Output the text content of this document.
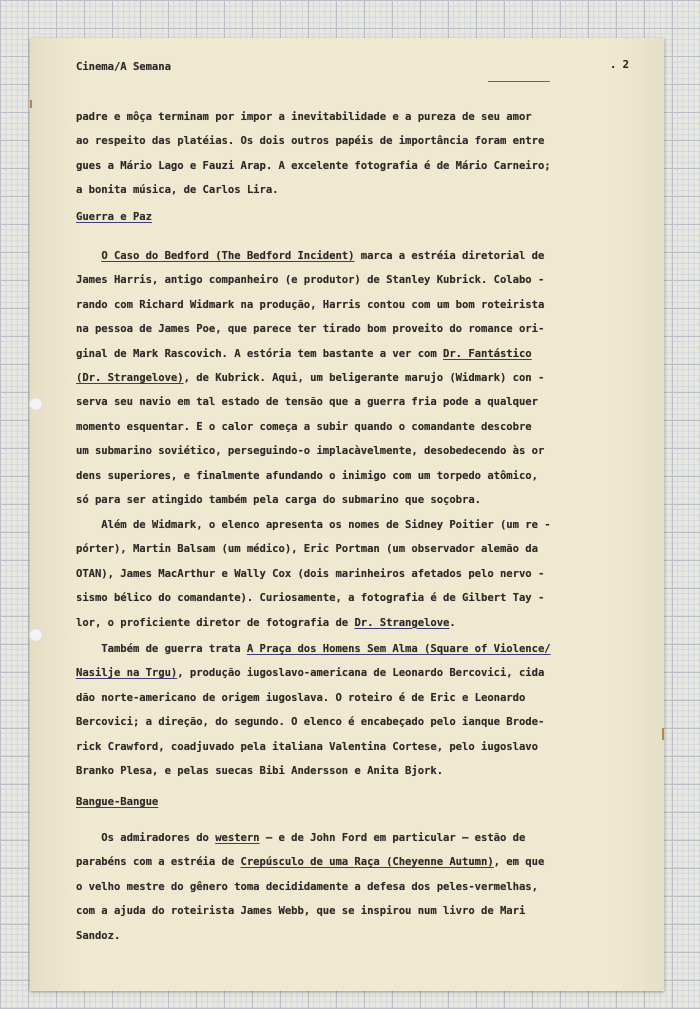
Cinema/A Semana	. 2

padre e môça terminam por impor a inevitabilidade e a pureza de seu amor

ao respeito das platéias. Os dois outros papéis de importância foram entre

gues a Mário Lago e Fauzi Arap. A excelente fotografia é de Mário Carneiro;

a bonita música, de Carlos Lira.

Guerra e Paz

O Caso do Bedford (The Bedford Incident) marca a estréia diretorial de

James Harris, antigo companheiro (e produtor) de Stanley Kubrick. Colabo -

rando com Richard Widmark na produção, Harris contou com um bom roteirista

na pessoa de James Poe, que parece ter tirado bom proveito do romance ori-

ginal de Mark Rascovich. A estória tem bastante a ver com Dr. Fantástico

(Dr. Strangelove), de Kubrick. Aqui, um beligerante marujo (Widmark) con -

serva seu navio em tal estado de tensão que a guerra fria pode a qualquer

momento esquentar. E o calor começa a subir quando o comandante descobre

um submarino soviético, perseguindo-o implacàvelmente, desobedecendo às or

dens superiores, e finalmente afundando o inimigo com um torpedo atômico,

só para ser atingido também pela carga do submarino que soçobra.

Além de Widmark, o elenco apresenta os nomes de Sidney Poitier (um re -

pórter), Martin Balsam (um médico), Eric Portman (um observador alemão da

OTAN), James MacArthur e Wally Cox (dois marinheiros afetados pelo nervo -

sismo bélico do comandante). Curiosamente, a fotografia é de Gilbert Tay -

lor, o proficiente diretor de fotografia de Dr. Strangelove.

Também de guerra trata A Praça dos Homens Sem Alma (Square of Violence/

Nasilje na Trgu), produção iugoslavo-americana de Leonardo Bercovici, cida

dão norte-americano de origem iugoslava. O roteiro é de Eric e Leonardo

Bercovici; a direção, do segundo. O elenco é encabeçado pelo ianque Brode-

rick Crawford, coadjuvado pela italiana Valentina Cortese, pelo iugoslavo

Branko Plesa, e pelas suecas Bibi Andersson e Anita Bjork.

Bangue-Bangue

Os admiradores do western — e de John Ford em particular — estão de

parabéns com a estréia de Crepúsculo de uma Raça (Cheyenne Autumn), em que

o velho mestre do gênero toma decididamente a defesa dos peles-vermelhas,

com a ajuda do roteirista James Webb, que se inspirou num livro de Mari

Sandoz.
